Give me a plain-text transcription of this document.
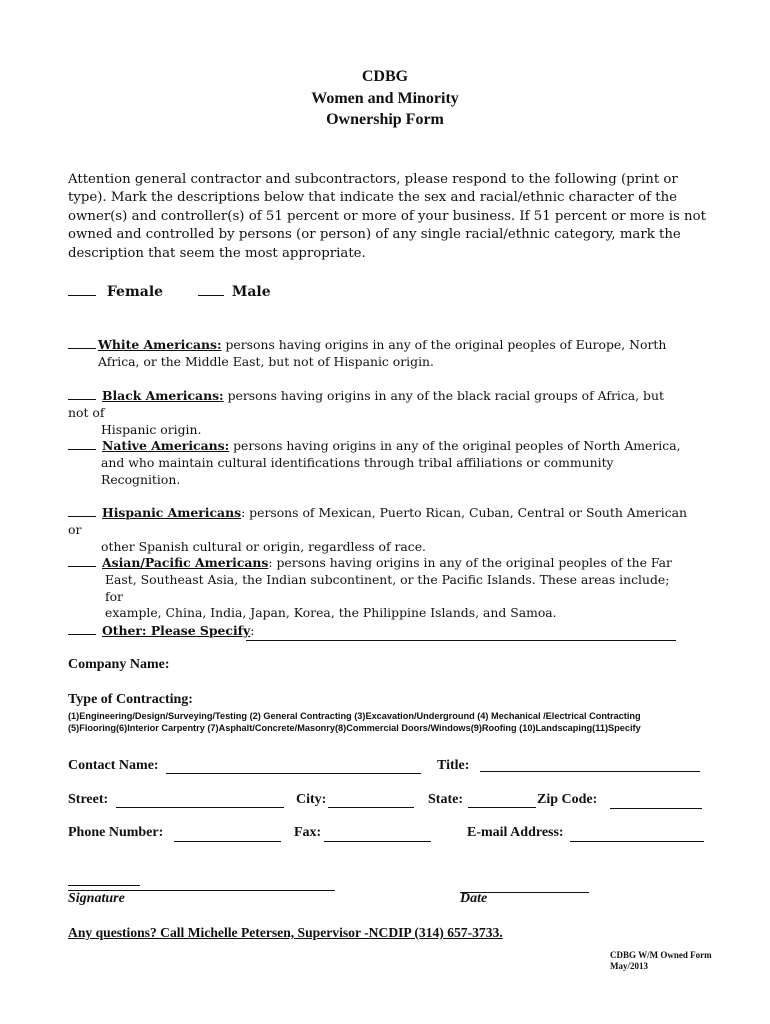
CDBG
Women and Minority
Ownership Form

Attention general contractor and subcontractors, please respond to the following (print or type). Mark the descriptions below that indicate the sex and racial/ethnic character of the owner(s) and controller(s) of 51 percent or more of your business. If 51 percent or more is not owned and controlled by persons (or person) of any single racial/ethnic category, mark the description that seem the most appropriate.

Female	Male
White Americans: persons having origins in any of the original peoples of Europe, North
Africa, or the Middle East, but not of Hispanic origin.
Black Americans: persons having origins in any of the black racial groups of Africa, but not of
Hispanic origin.
Native Americans: persons having origins in any of the original peoples of North America,
and who maintain cultural identifications through tribal affiliations or community
Recognition.
Hispanic Americans: persons of Mexican, Puerto Rican, Cuban, Central or South American or
other Spanish cultural or origin, regardless of race.
Asian/Pacific Americans: persons having origins in any of the original peoples of the Far
East, Southeast Asia, the Indian subcontinent, or the Pacific Islands. These areas include; for
example, China, India, Japan, Korea, the Philippine Islands, and Samoa.
Other: Please Specify:
Company Name:
Type of Contracting:
(1)Engineering/Design/Surveying/Testing (2) General Contracting (3)Excavation/Underground (4) Mechanical /Electrical Contracting
(5)Flooring(6)Interior Carpentry (7)Asphalt/Concrete/Masonry(8)Commercial Doors/Windows(9)Roofing (10)Landscaping(11)Specify
Contact Name:	Title:
Street:	City:	State:	Zip Code:
Phone Number:	Fax:	E-mail Address:
Signature	Date
Any questions? Call Michelle Petersen, Supervisor -NCDIP (314) 657-3733.
CDBG W/M Owned Form
May/2013
